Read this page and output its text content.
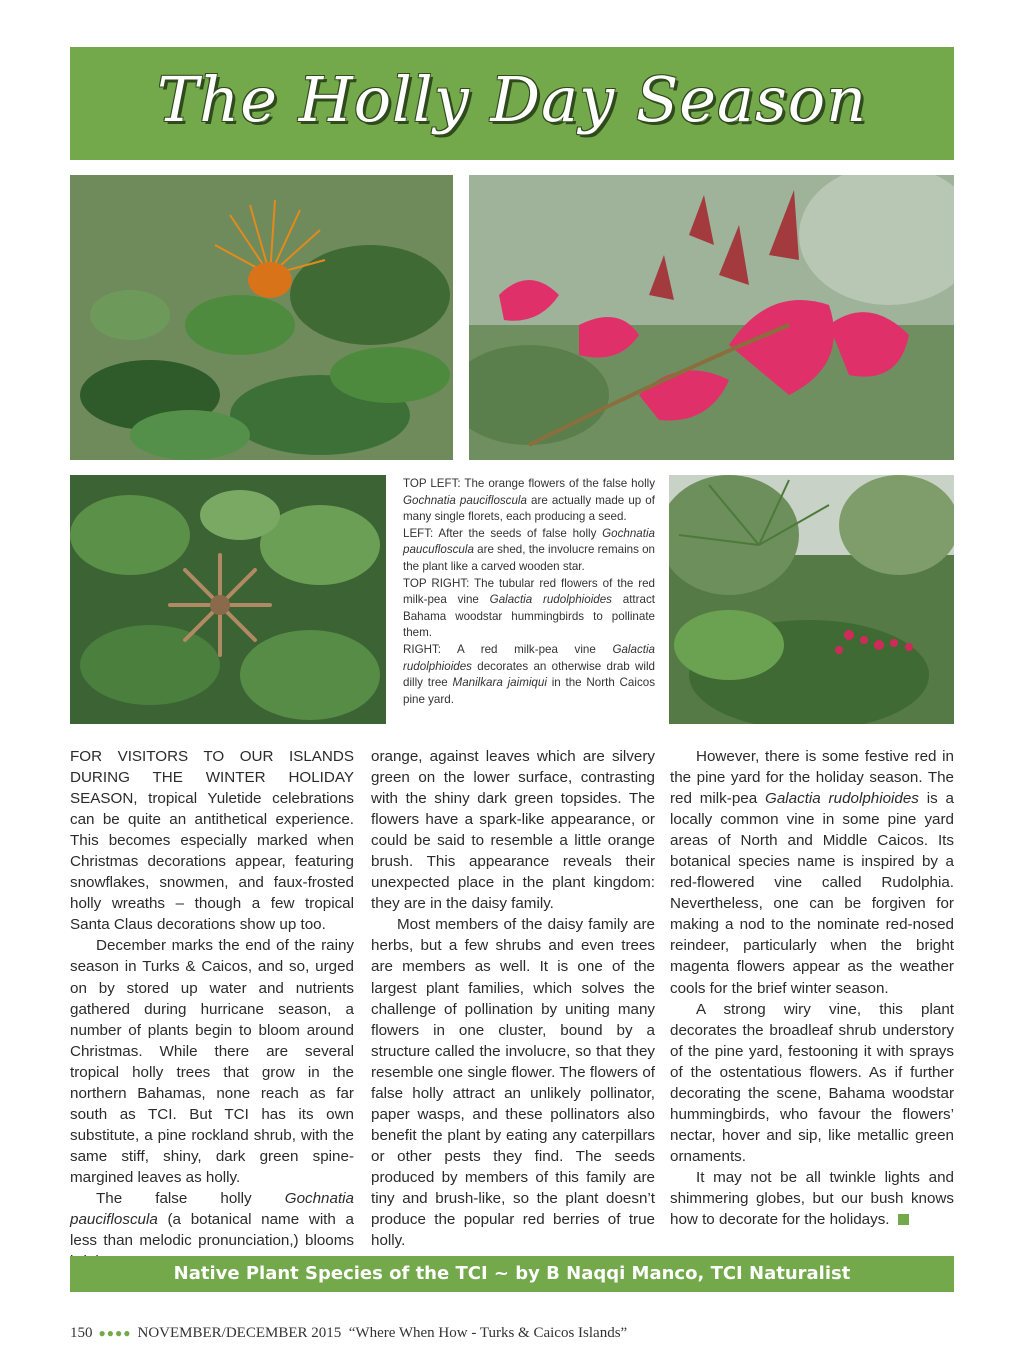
The Holly Day Season

TOP LEFT: The orange flowers of the false holly Gochnatia paucifloscula are actually made up of many single florets, each producing a seed.

LEFT: After the seeds of false holly Gochnatia paucufloscula are shed, the involucre remains on the plant like a carved wooden star.

TOP RIGHT: The tubular red flowers of the red milk-pea vine Galactia rudolphioides attract Bahama woodstar hummingbirds to pollinate them.

RIGHT: A red milk-pea vine Galactia rudolphioides decorates an otherwise drab wild dilly tree Manilkara jaimiqui in the North Caicos pine yard.

FOR VISITORS TO OUR ISLANDS DURING THE WINTER HOLIDAY SEASON, tropical Yuletide celebrations can be quite an antithetical experience. This becomes especially marked when Christmas decorations appear, featuring snowflakes, snowmen, and faux-frosted holly wreaths – though a few tropical Santa Claus decorations show up too.

December marks the end of the rainy season in Turks & Caicos, and so, urged on by stored up water and nutrients gathered during hurricane season, a number of plants begin to bloom around Christmas. While there are several tropical holly trees that grow in the northern Bahamas, none reach as far south as TCI. But TCI has its own substitute, a pine rockland shrub, with the same stiff, shiny, dark green spine-margined leaves as holly.

The false holly Gochnatia paucifloscula (a botanical name with a less than melodic pronunciation,) blooms

orange, against leaves which are silvery green on the lower surface, contrasting with the shiny dark green topsides. The flowers have a spark-like appearance, or could be said to resemble a little orange brush. This appearance reveals their unexpected place in the plant kingdom: they are in the daisy family.

Most members of the daisy family are herbs, but a few shrubs and even trees are members as well. It is one of the largest plant families, which solves the challenge of pollination by uniting many flowers in one cluster, bound by a structure called the involucre, so that they resemble one single flower. The flowers of false holly attract an unlikely pollinator, paper wasps, and these pollinators also benefit the plant by eating any caterpillars or other pests they find. The seeds produced by members of this family are tiny and brush-like, so the plant doesn’t produce the popular red berries of true holly.

However, there is some festive red in the pine yard for the holiday season. The red milk-pea Galactia rudolphioides is a locally common vine in some pine yard areas of North and Middle Caicos. Its botanical species name is inspired by a red-flowered vine called Rudolphia. Nevertheless, one can be forgiven for making a nod to the nominate red-nosed reindeer, particularly when the bright magenta flowers appear as the weather cools for the brief winter season.

A strong wiry vine, this plant decorates the broadleaf shrub understory of the pine yard, festooning it with sprays of the ostentatious flowers. As if further decorating the scene, Bahama woodstar hummingbirds, who favour the flowers’ nectar, hover and sip, like metallic green ornaments.

It may not be all twinkle lights and shimmering globes, but our bush knows how to decorate for the holidays.

Native Plant Species of the TCI ~ by B Naqqi Manco, TCI Naturalist
150 ●●●● NOVEMBER/DECEMBER 2015 “Where When How - Turks & Caicos Islands”
